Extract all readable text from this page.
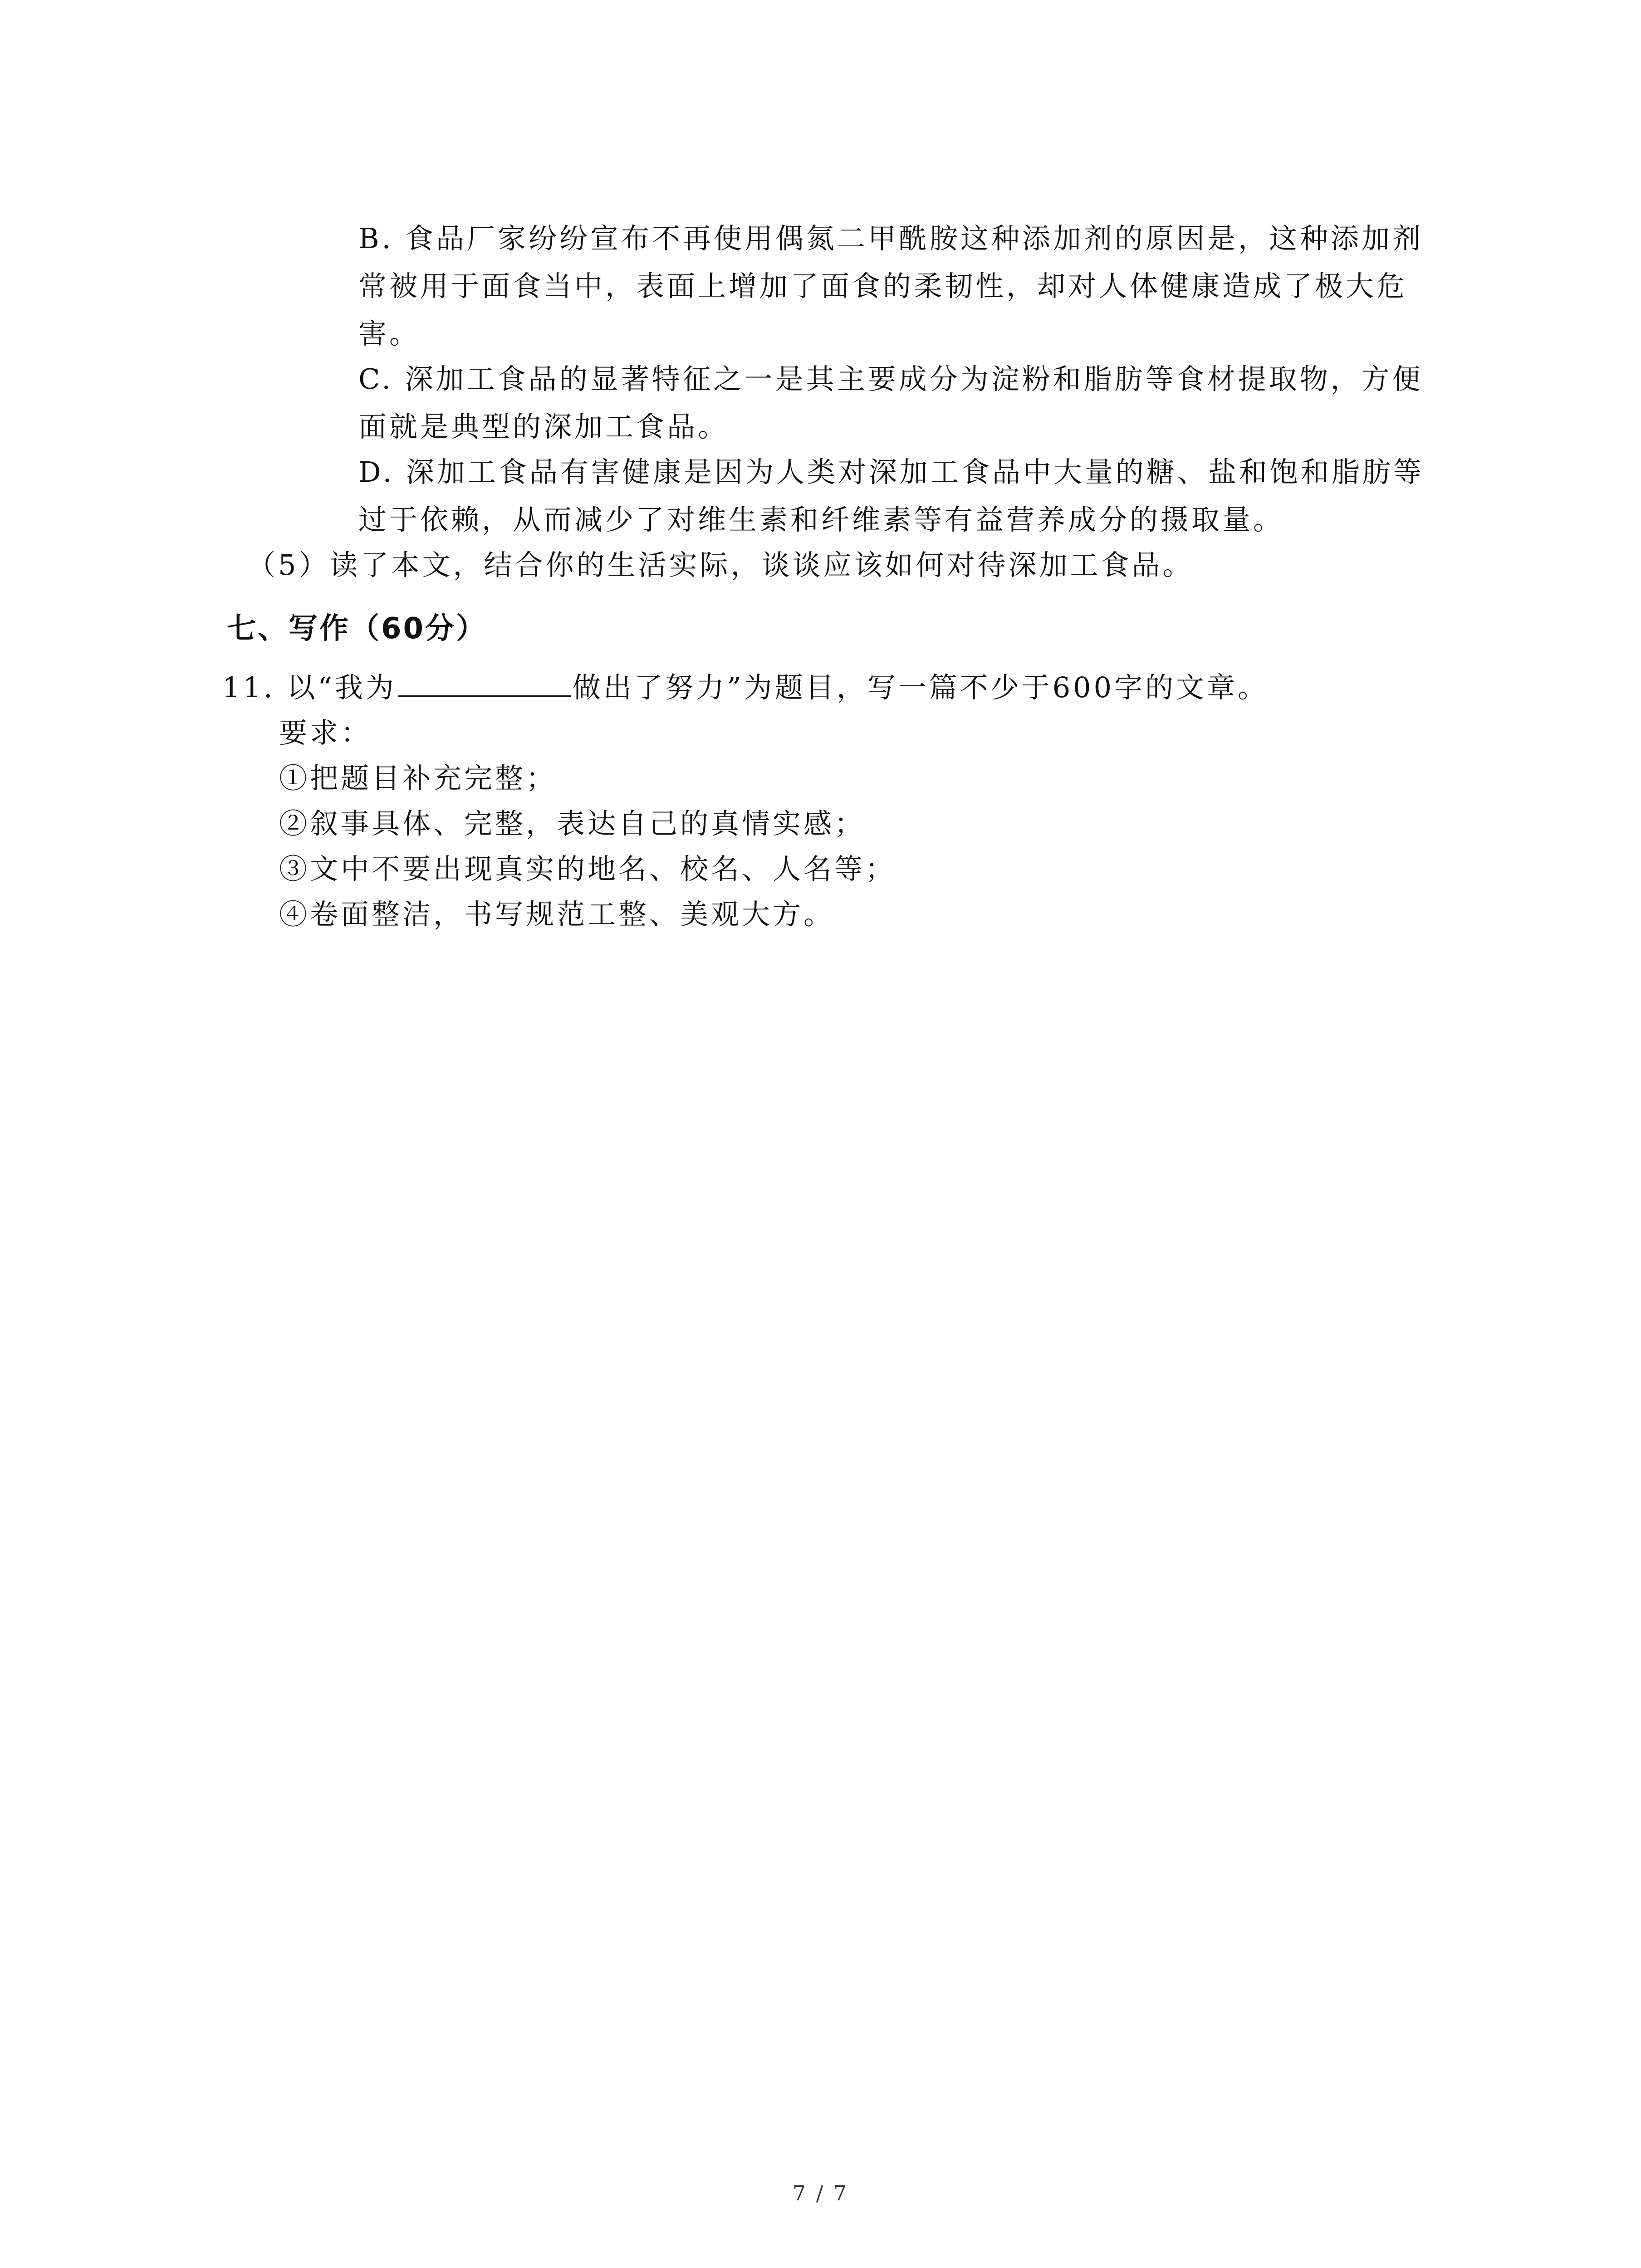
B. 食品厂家纷纷宣布不再使用偶氮二甲酰胺这种添加剂的原因是，这种添加剂
常被用于面食当中，表面上增加了面食的柔韧性，却对人体健康造成了极大危
害。
C. 深加工食品的显著特征之一是其主要成分为淀粉和脂肪等食材提取物，方便
面就是典型的深加工食品。
D. 深加工食品有害健康是因为人类对深加工食品中大量的糖、盐和饱和脂肪等
过于依赖，从而减少了对维生素和纤维素等有益营养成分的摄取量。
（5）读了本文，结合你的生活实际，谈谈应该如何对待深加工食品。
七、写作（60分）
11. 以“我为	做出了努力”为题目，写一篇不少于600字的文章。
要求：
①把题目补充完整；
②叙事具体、完整，表达自己的真情实感；
③文中不要出现真实的地名、校名、人名等；
④卷面整洁，书写规范工整、美观大方。
7 / 7
